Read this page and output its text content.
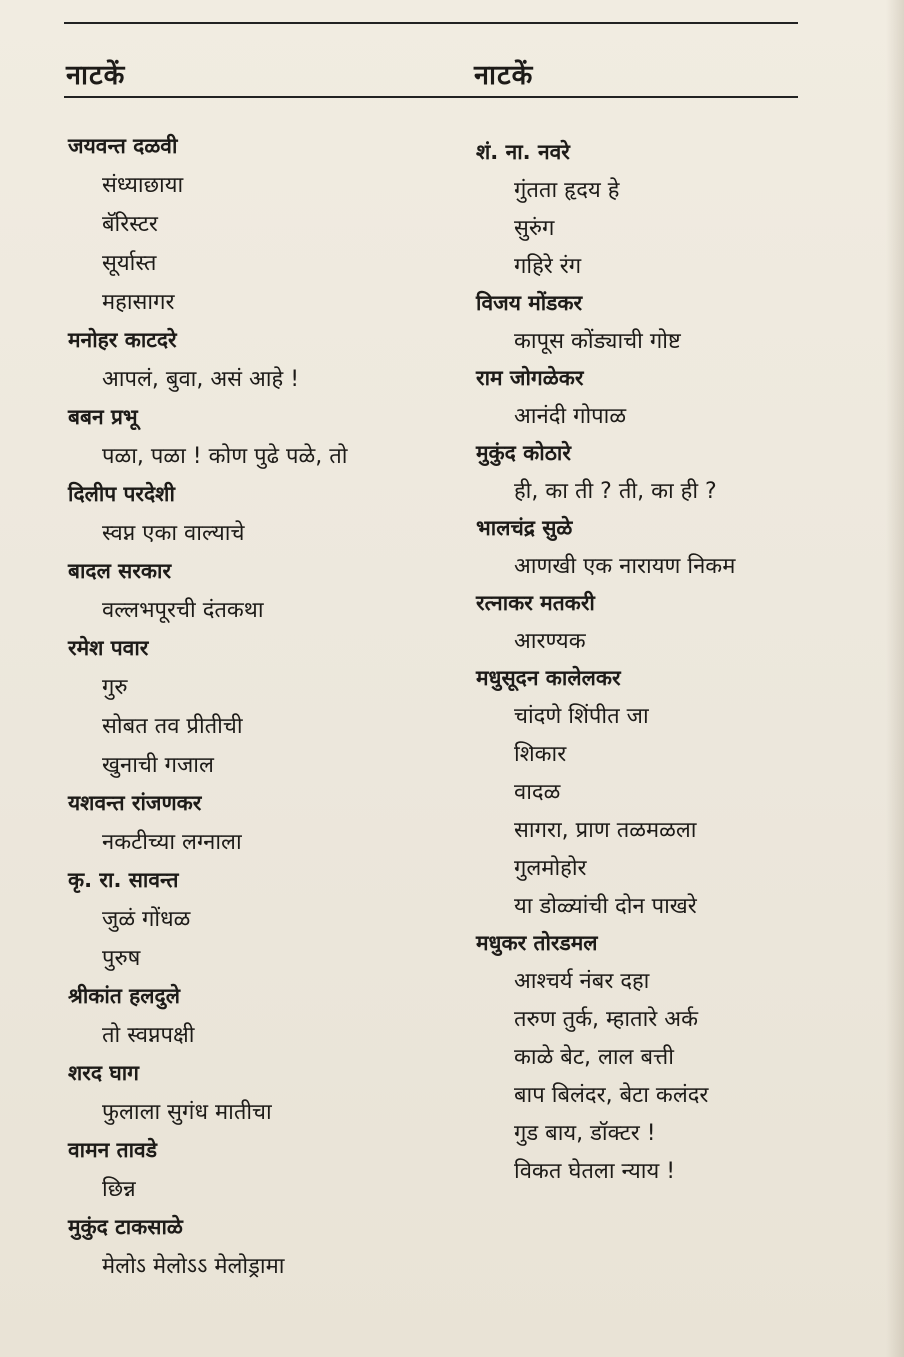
नाटकें	नाटकें
जयवन्त दळवी
संध्याछाया
बॅरिस्टर
सूर्यास्त
महासागर
मनोहर काटदरे
आपलं, बुवा, असं आहे !
बबन प्रभू
पळा, पळा ! कोण पुढे पळे, तो
दिलीप परदेशी
स्वप्न एका वाल्याचे
बादल सरकार
वल्लभपूरची दंतकथा
रमेश पवार
गुरु
सोबत तव प्रीतीची
खुनाची गजाल
यशवन्त रांजणकर
नकटीच्या लग्नाला
कृ. रा. सावन्त
जुळं गोंधळ
पुरुष
श्रीकांत हलदुले
तो स्वप्नपक्षी
शरद घाग
फुलाला सुगंध मातीचा
वामन तावडे
छिन्न
मुकुंद टाकसाळे
मेलोऽ मेलोऽऽ मेलोड्रामा
शं. ना. नवरे
गुंतता हृदय हे
सुरुंग
गहिरे रंग
विजय मोंडकर
कापूस कोंड्याची गोष्ट
राम जोगळेकर
आनंदी गोपाळ
मुकुंद कोठारे
ही, का ती ? ती, का ही ?
भालचंद्र सुळे
आणखी एक नारायण निकम
रत्नाकर मतकरी
आरण्यक
मधुसूदन कालेलकर
चांदणे शिंपीत जा
शिकार
वादळ
सागरा, प्राण तळमळला
गुलमोहोर
या डोळ्यांची दोन पाखरे
मधुकर तोरडमल
आश्चर्य नंबर दहा
तरुण तुर्क, म्हातारे अर्क
काळे बेट, लाल बत्ती
बाप बिलंदर, बेटा कलंदर
गुड बाय, डॉक्टर !
विकत घेतला न्याय !
